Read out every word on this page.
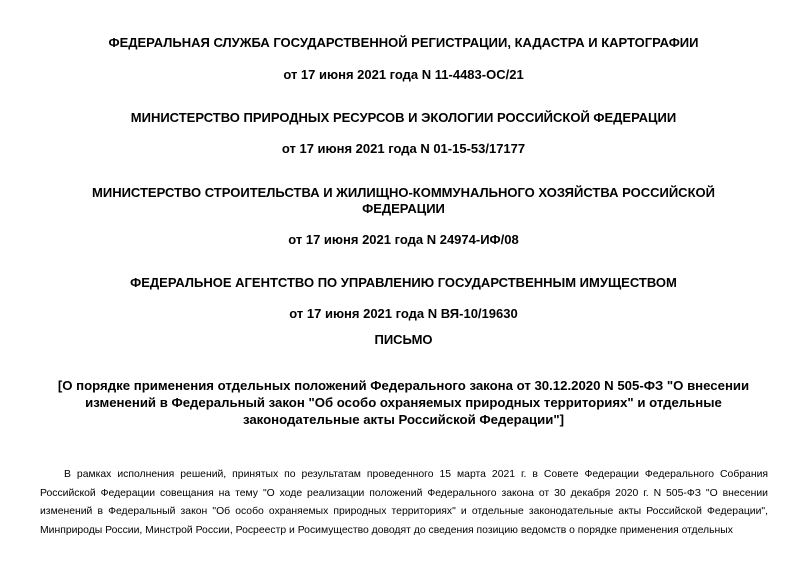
ФЕДЕРАЛЬНАЯ СЛУЖБА ГОСУДАРСТВЕННОЙ РЕГИСТРАЦИИ, КАДАСТРА И КАРТОГРАФИИ

от 17 июня 2021 года N 11-4483-ОС/21

МИНИСТЕРСТВО ПРИРОДНЫХ РЕСУРСОВ И ЭКОЛОГИИ РОССИЙСКОЙ ФЕДЕРАЦИИ

от 17 июня 2021 года N 01-15-53/17177

МИНИСТЕРСТВО СТРОИТЕЛЬСТВА И ЖИЛИЩНО-КОММУНАЛЬНОГО ХОЗЯЙСТВА РОССИЙСКОЙ ФЕДЕРАЦИИ

от 17 июня 2021 года N 24974-ИФ/08

ФЕДЕРАЛЬНОЕ АГЕНТСТВО ПО УПРАВЛЕНИЮ ГОСУДАРСТВЕННЫМ ИМУЩЕСТВОМ

от 17 июня 2021 года N ВЯ-10/19630

ПИСЬМО

[О порядке применения отдельных положений Федерального закона от 30.12.2020 N 505-ФЗ "О внесении изменений в Федеральный закон "Об особо охраняемых природных территориях" и отдельные законодательные акты Российской Федерации"]

В рамках исполнения решений, принятых по результатам проведенного 15 марта 2021 г. в Совете Федерации Федерального Собрания Российской Федерации совещания на тему "О ходе реализации положений Федерального закона от 30 декабря 2020 г. N 505-ФЗ "О внесении изменений в Федеральный закон "Об особо охраняемых природных территориях" и отдельные законодательные акты Российской Федерации", Минприроды России, Минстрой России, Росреестр и Росимущество доводят до сведения позицию ведомств о порядке применения отдельных
